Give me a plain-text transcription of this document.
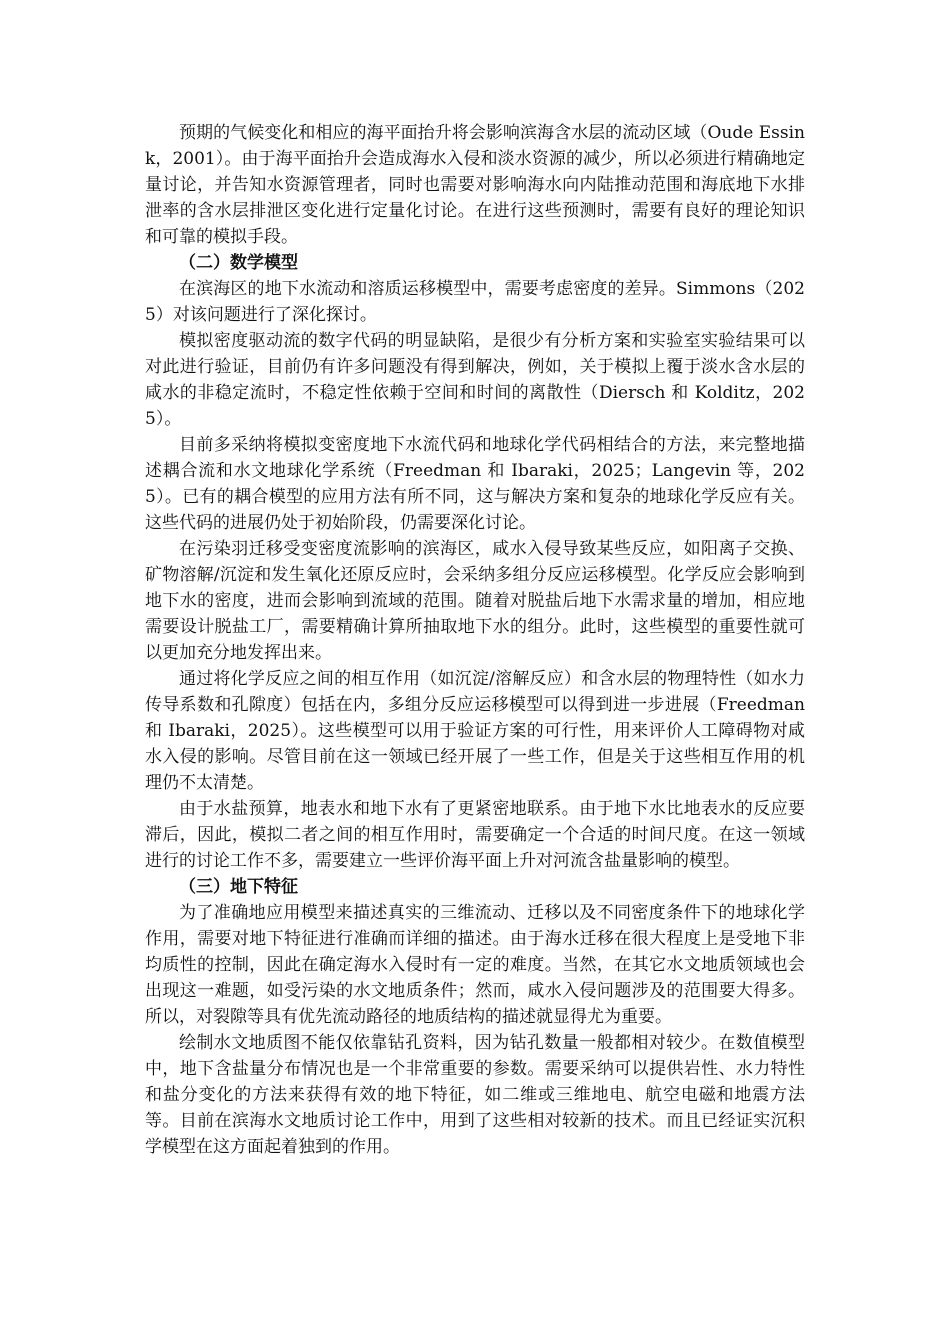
预期的气候变化和相应的海平面抬升将会影响滨海含水层的流动区域（Oude Essink，2001）。由于海平面抬升会造成海水入侵和淡水资源的减少，所以必须进行精确地定量讨论，并告知水资源管理者，同时也需要对影响海水向内陆推动范围和海底地下水排泄率的含水层排泄区变化进行定量化讨论。在进行这些预测时，需要有良好的理论知识和可靠的模拟手段。

（二）数学模型

在滨海区的地下水流动和溶质运移模型中，需要考虑密度的差异。Simmons（2025）对该问题进行了深化探讨。

模拟密度驱动流的数字代码的明显缺陷，是很少有分析方案和实验室实验结果可以对此进行验证，目前仍有许多问题没有得到解决，例如，关于模拟上覆于淡水含水层的咸水的非稳定流时，不稳定性依赖于空间和时间的离散性（Diersch 和 Kolditz，2025）。

目前多采纳将模拟变密度地下水流代码和地球化学代码相结合的方法，来完整地描述耦合流和水文地球化学系统（Freedman 和 Ibaraki，2025；Langevin 等，2025）。已有的耦合模型的应用方法有所不同，这与解决方案和复杂的地球化学反应有关。这些代码的进展仍处于初始阶段，仍需要深化讨论。

在污染羽迁移受变密度流影响的滨海区，咸水入侵导致某些反应，如阳离子交换、矿物溶解/沉淀和发生氧化还原反应时，会采纳多组分反应运移模型。化学反应会影响到地下水的密度，进而会影响到流域的范围。随着对脱盐后地下水需求量的增加，相应地需要设计脱盐工厂，需要精确计算所抽取地下水的组分。此时，这些模型的重要性就可以更加充分地发挥出来。

通过将化学反应之间的相互作用（如沉淀/溶解反应）和含水层的物理特性（如水力传导系数和孔隙度）包括在内，多组分反应运移模型可以得到进一步进展（Freedman 和 Ibaraki，2025）。这些模型可以用于验证方案的可行性，用来评价人工障碍物对咸水入侵的影响。尽管目前在这一领域已经开展了一些工作，但是关于这些相互作用的机理仍不太清楚。

由于水盐预算，地表水和地下水有了更紧密地联系。由于地下水比地表水的反应要滞后，因此，模拟二者之间的相互作用时，需要确定一个合适的时间尺度。在这一领域进行的讨论工作不多，需要建立一些评价海平面上升对河流含盐量影响的模型。

（三）地下特征

为了准确地应用模型来描述真实的三维流动、迁移以及不同密度条件下的地球化学作用，需要对地下特征进行准确而详细的描述。由于海水迁移在很大程度上是受地下非均质性的控制，因此在确定海水入侵时有一定的难度。当然，在其它水文地质领域也会出现这一难题，如受污染的水文地质条件；然而，咸水入侵问题涉及的范围要大得多。所以，对裂隙等具有优先流动路径的地质结构的描述就显得尤为重要。

绘制水文地质图不能仅依靠钻孔资料，因为钻孔数量一般都相对较少。在数值模型中，地下含盐量分布情况也是一个非常重要的参数。需要采纳可以提供岩性、水力特性和盐分变化的方法来获得有效的地下特征，如二维或三维地电、航空电磁和地震方法等。目前在滨海水文地质讨论工作中，用到了这些相对较新的技术。而且已经证实沉积学模型在这方面起着独到的作用。
